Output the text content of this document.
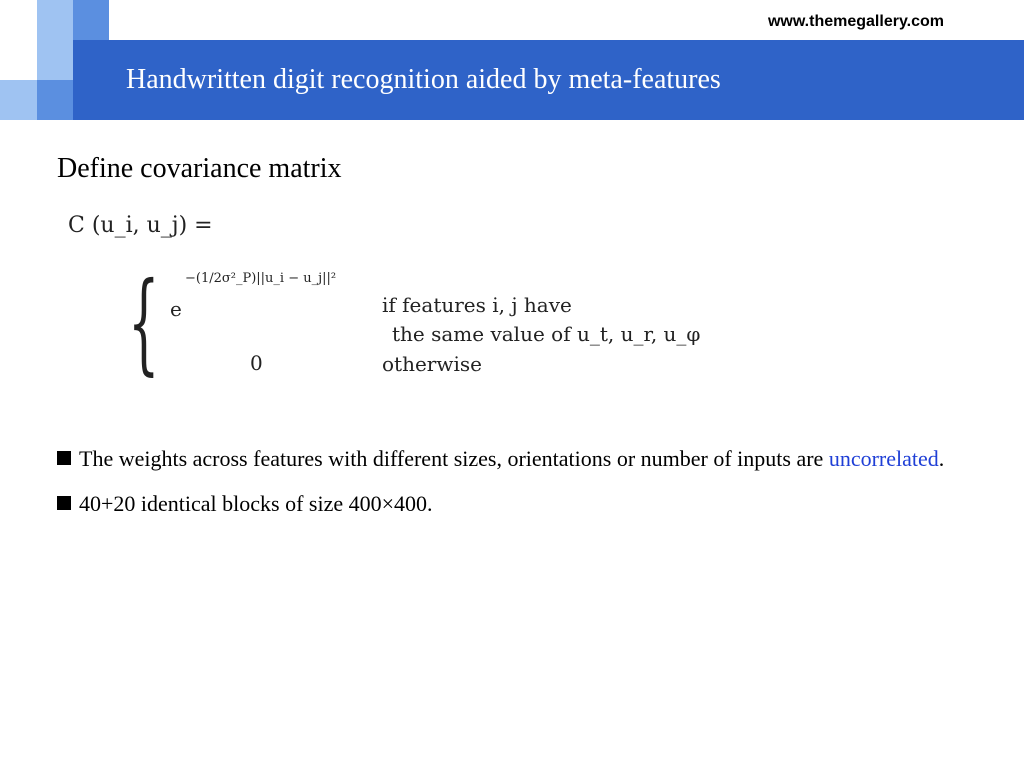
www.themegallery.com
Handwritten digit recognition aided by meta-features
Define covariance matrix
C (u_i, u_j) =
{ e
−(1/2σ²_P)||u_i − u_j||²
0
if features i, j have
the same value of u_t, u_r, u_φ
otherwise
The weights across features with different sizes, orientations or number of inputs are uncorrelated.
40+20 identical blocks of size 400×400.
